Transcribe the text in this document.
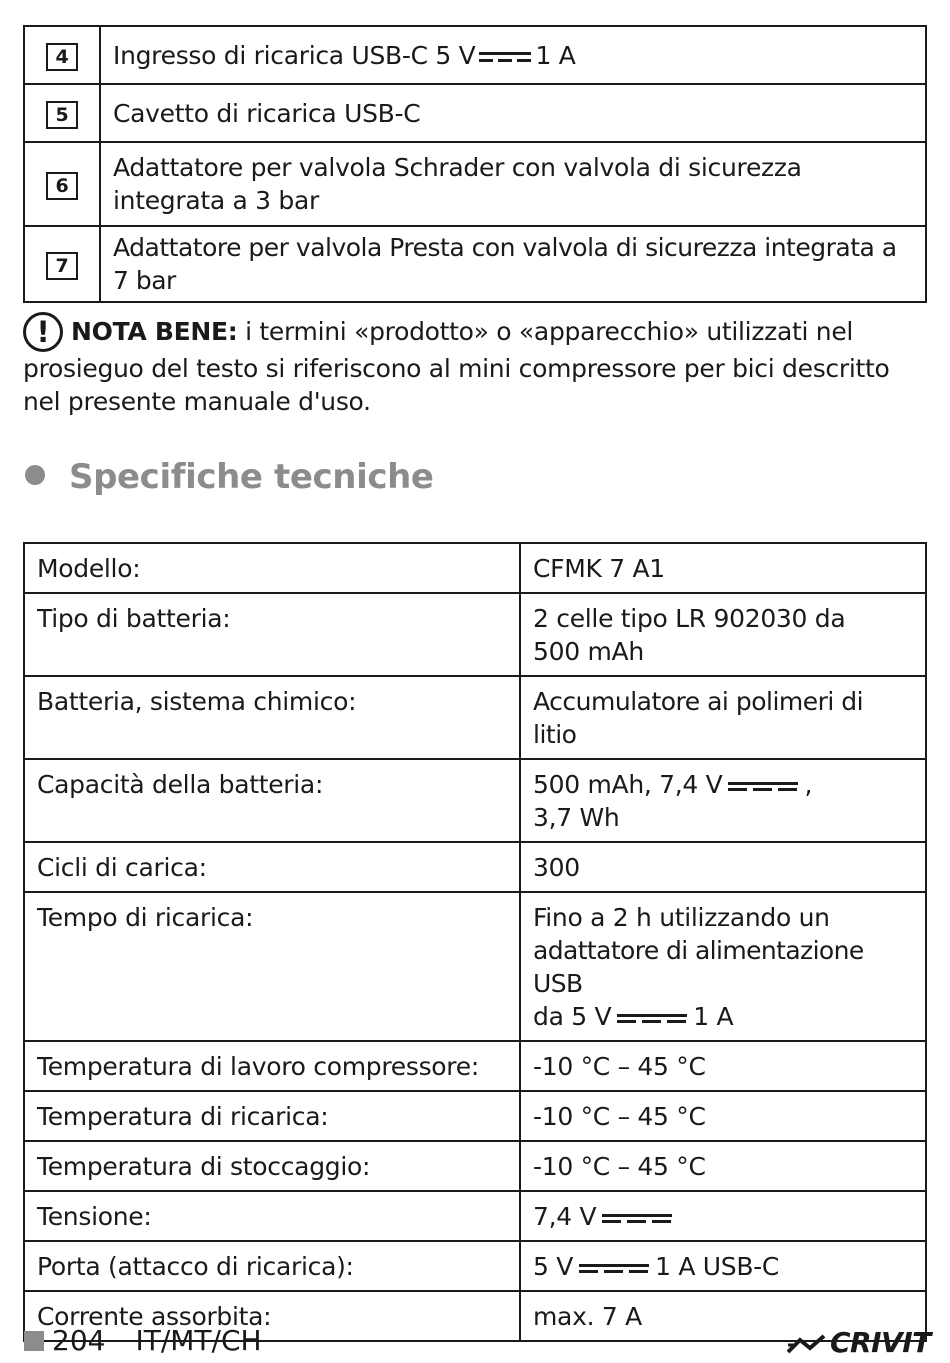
4	Ingresso di ricarica USB-C 5 V 1 A
5	Cavetto di ricarica USB-C
6	Adattatore per valvola Schrader con valvola di sicurezza integrata a 3 bar
7	Adattatore per valvola Presta con valvola di sicurezza integrata a 7 bar
! NOTA BENE: i termini «prodotto» o «apparecchio» utilizzati nel prosieguo del testo si riferiscono al mini compressore per bici descritto nel presente manuale d'uso.
Specifiche tecniche
Modello:	CFMK 7 A1
Tipo di batteria:	2 celle tipo LR 902030 da
500 mAh
Batteria, sistema chimico:	Accumulatore ai polimeri di litio
Capacità della batteria:	500 mAh, 7,4 V ,
3,7 Wh
Cicli di carica:	300
Tempo di ricarica:	Fino a 2 h utilizzando un
adattatore di alimentazione USB
da 5 V 1 A
Temperatura di lavoro compressore:	-10 °C – 45 °C
Temperatura di ricarica:	-10 °C – 45 °C
Temperatura di stoccaggio:	-10 °C – 45 °C
Tensione:	7,4 V
Porta (attacco di ricarica):	5 V 1 A USB-C
Corrente assorbita:	max. 7 A
204 IT/MT/CH	CRIVIT
